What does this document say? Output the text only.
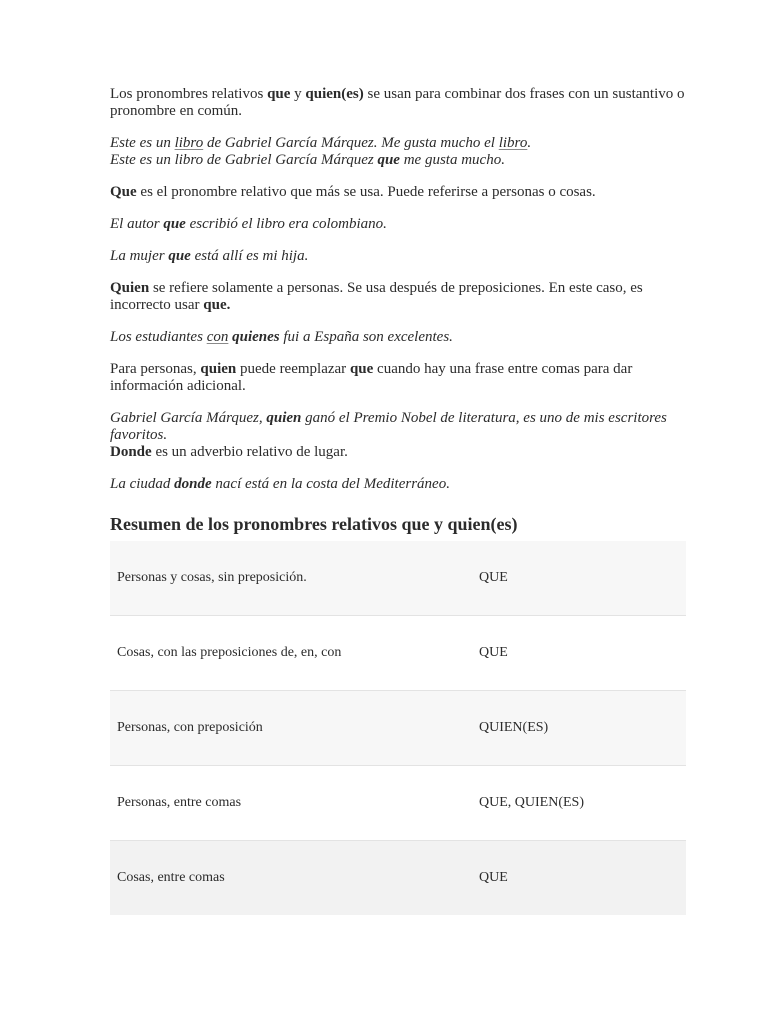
Los pronombres relativos que y quien(es) se usan para combinar dos frases con un sustantivo o pronombre en común.

Este es un libro de Gabriel García Márquez. Me gusta mucho el libro.
Este es un libro de Gabriel García Márquez que me gusta mucho.

Que es el pronombre relativo que más se usa. Puede referirse a personas o cosas.

El autor que escribió el libro era colombiano.

La mujer que está allí es mi hija.

Quien se refiere solamente a personas. Se usa después de preposiciones. En este caso, es incorrecto usar que.

Los estudiantes con quienes fui a España son excelentes.

Para personas, quien puede reemplazar que cuando hay una frase entre comas para dar información adicional.

Gabriel García Márquez, quien ganó el Premio Nobel de literatura, es uno de mis escritores favoritos.

Donde es un adverbio relativo de lugar.

La ciudad donde nací está en la costa del Mediterráneo.

Resumen de los pronombres relativos que y quien(es)
Personas y cosas, sin preposición.	QUE
Cosas, con las preposiciones de, en, con	QUE
Personas, con preposición	QUIEN(ES)
Personas, entre comas	QUE, QUIEN(ES)
Cosas, entre comas	QUE
